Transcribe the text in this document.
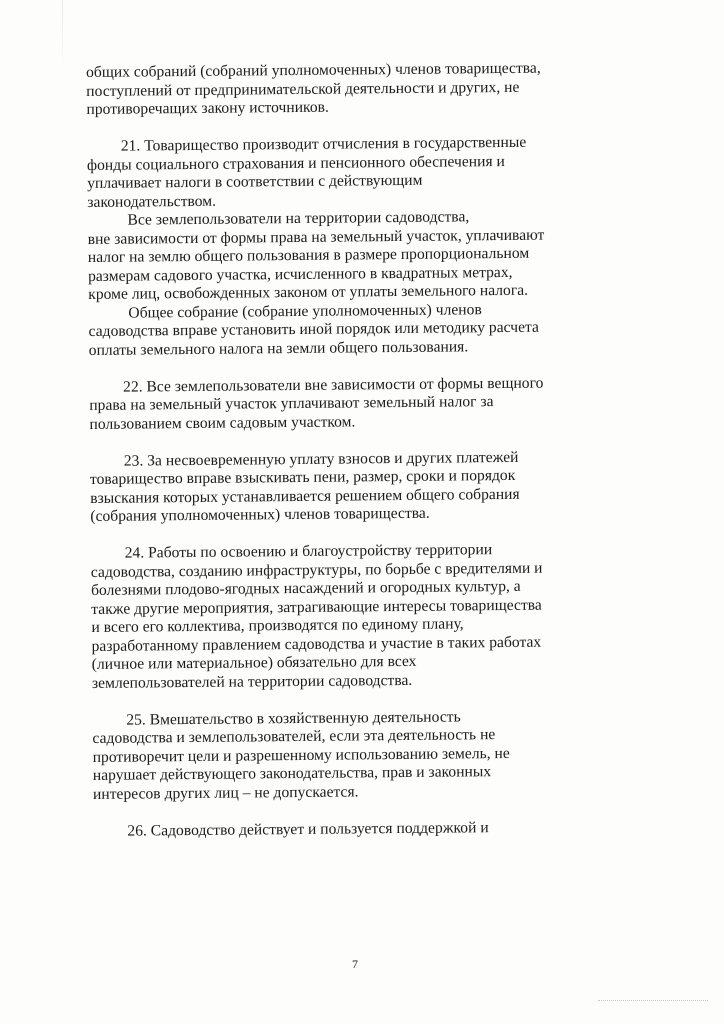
общих собраний (собраний уполномоченных) членов товарищества,
поступлений от предпринимательской деятельности и других, не
противоречащих закону источников.
21. Товарищество производит отчисления в государственные
фонды социального страхования и пенсионного обеспечения и
уплачивает налоги в соответствии с действующим
законодательством.
Все землепользователи на территории садоводства,
вне зависимости от формы права на земельный участок, уплачивают
налог на землю общего пользования в размере пропорциональном
размерам садового участка, исчисленного в квадратных метрах,
кроме лиц, освобожденных законом от уплаты земельного налога.
Общее собрание (собрание уполномоченных) членов
садоводства вправе установить иной порядок или методику расчета
оплаты земельного налога на земли общего пользования.
22. Все землепользователи вне зависимости от формы вещного
права на земельный участок уплачивают земельный налог за
пользованием своим садовым участком.
23. За несвоевременную уплату взносов и других платежей
товарищество вправе взыскивать пени, размер, сроки и порядок
взыскания которых устанавливается решением общего собрания
(собрания уполномоченных) членов товарищества.
24. Работы по освоению и благоустройству территории
садоводства, созданию инфраструктуры, по борьбе с вредителями и
болезнями плодово-ягодных насаждений и огородных культур, а
также другие мероприятия, затрагивающие интересы товарищества
и всего его коллектива, производятся по единому плану,
разработанному правлением садоводства и участие в таких работах
(личное или материальное) обязательно для всех
землепользователей на территории садоводства.
25. Вмешательство в хозяйственную деятельность
садоводства и землепользователей, если эта деятельность не
противоречит цели и разрешенному использованию земель, не
нарушает действующего законодательства, прав и законных
интересов других лиц – не допускается.
26. Садоводство действует и пользуется поддержкой и
7
